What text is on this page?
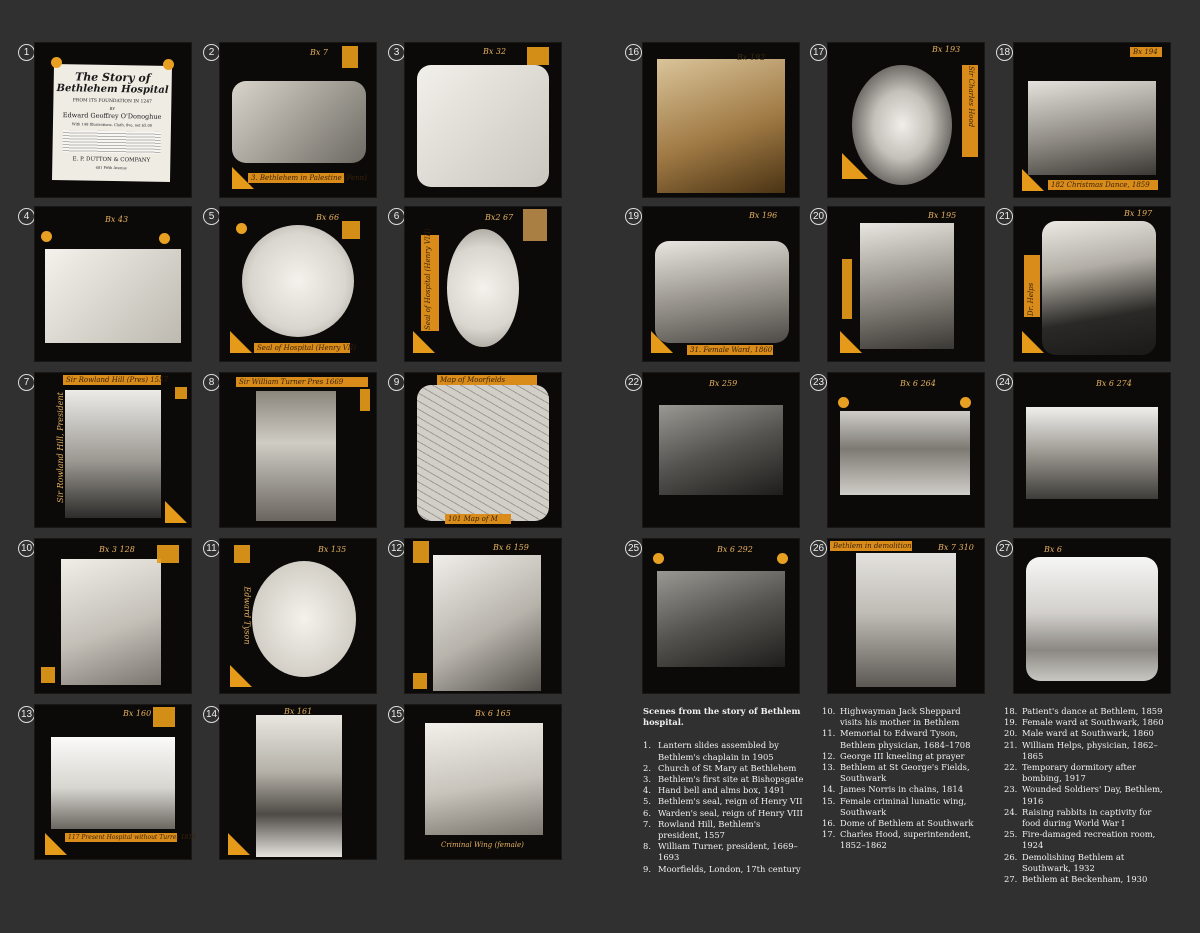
1
The Story of
Bethlehem Hospital
FROM ITS FOUNDATION IN 1247
BY
Edward Geoffrey O'Donoghue
With 148 Illustrations. Cloth, 8vo, net $5.00
E. P. DUTTON & COMPANY
681 Fifth Avenue
2	Bx 7
3. Bethlehem in Palestine (Penn)
3	Bx 32
4	Bx 43	5	Bx 66
Seal of Hospital (Henry VII)
6	Bx2 67
Seal of Hospital (Henry VIII)
7	Sir Rowland Hill (Pres) 1557
Sir Rowland Hill, President
8	Sir William Turner Pres 1669	9	Map of Moorfields
101 Map of M
10	Bx 3 128	11	Bx 135
Edward Tyson
12	Bx 6 159
13	Bx 160
117 Present Hospital without Turret 1815
14	Bx 161	15	Bx 6 165
Criminal Wing (female)
16	Bx 192	17	Bx 193
Sir Charles Hood
18	Bx 194
182 Christmas Dance, 1859
19	Bx 196
31. Female Ward, 1860
20	Bx 195	21	Bx 197
Dr. Helps
22	Bx 259	23	Bx 6 264	24	Bx 6 274
25	Bx 6 292	26	Bethlem in demolition	Bx 7 310	27	Bx 6
Scenes from the story of Bethlem hospital.
1. Lantern slides assembled by Bethlem's chaplain in 1905
2. Church of St Mary at Bethlehem
3. Bethlem's first site at Bishopsgate
4. Hand bell and alms box, 1491
5. Bethlem's seal, reign of Henry VII
6. Warden's seal, reign of Henry VIII
7. Rowland Hill, Bethlem's president, 1557
8. William Turner, president, 1669–1693
9. Moorfields, London, 17th century
10. Highwayman Jack Sheppard visits his mother in Bethlem
11. Memorial to Edward Tyson, Bethlem physician, 1684–1708
12. George III kneeling at prayer
13. Bethlem at St George's Fields, Southwark
14. James Norris in chains, 1814
15. Female criminal lunatic wing, Southwark
16. Dome of Bethlem at Southwark
17. Charles Hood, superintendent, 1852–1862
18. Patient's dance at Bethlem, 1859
19. Female ward at Southwark, 1860
20. Male ward at Southwark, 1860
21. William Helps, physician, 1862–1865
22. Temporary dormitory after bombing, 1917
23. Wounded Soldiers' Day, Bethlem, 1916
24. Raising rabbits in captivity for food during World War I
25. Fire-damaged recreation room, 1924
26. Demolishing Bethlem at Southwark, 1932
27. Bethlem at Beckenham, 1930
